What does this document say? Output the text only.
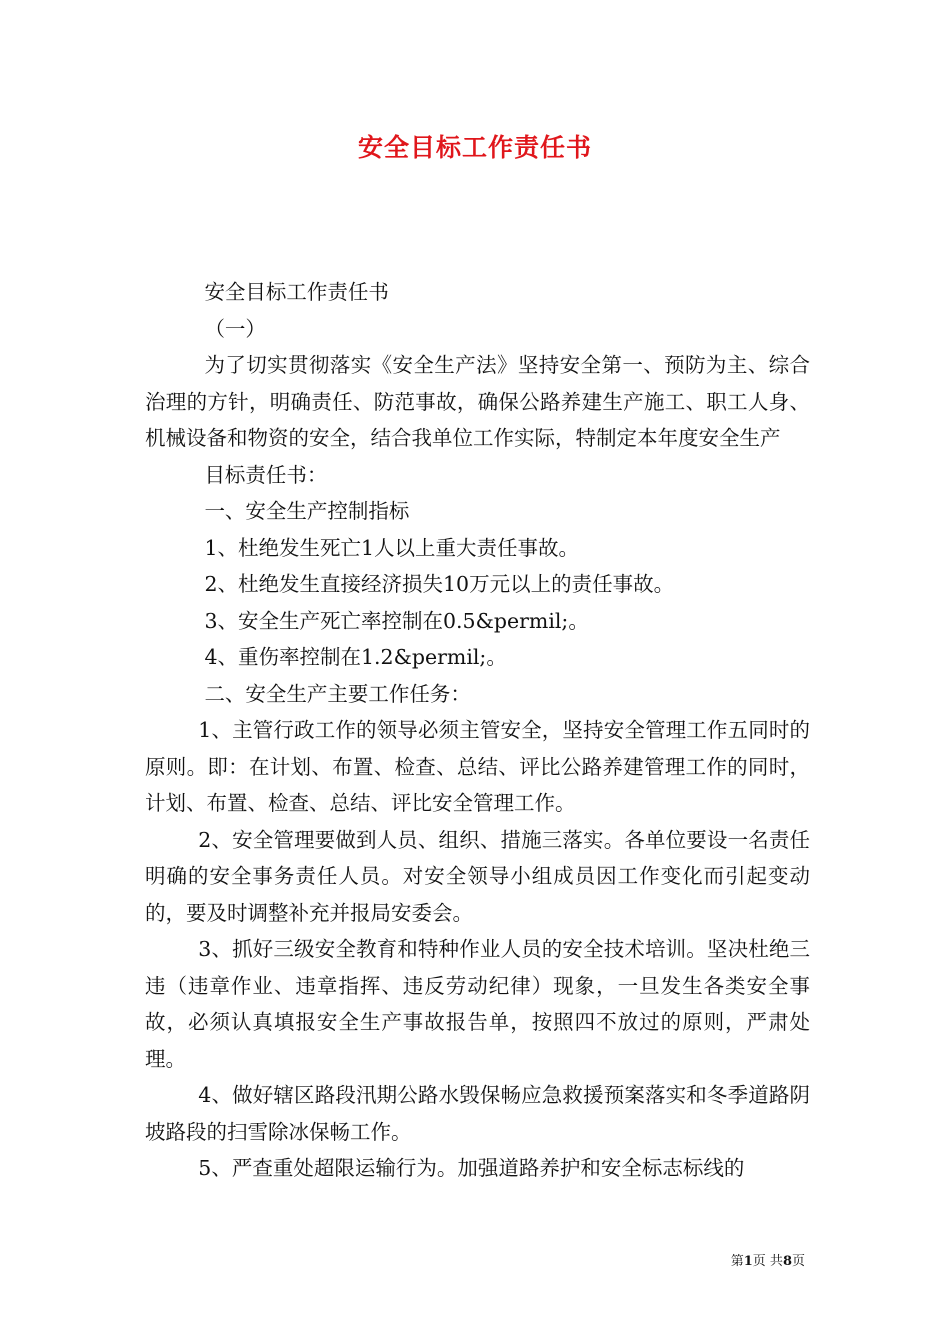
安全目标工作责任书

安全目标工作责任书

（一）

为了切实贯彻落实《安全生产法》坚持安全第一、预防为主、综合治理的方针，明确责任、防范事故，确保公路养建生产施工、职工人身、机械设备和物资的安全，结合我单位工作实际，特制定本年度安全生产

目标责任书：

一、安全生产控制指标

1、杜绝发生死亡1人以上重大责任事故。

2、杜绝发生直接经济损失10万元以上的责任事故。

3、安全生产死亡率控制在0.5&permil;。

4、重伤率控制在1.2&permil;。

二、安全生产主要工作任务：

1、主管行政工作的领导必须主管安全，坚持安全管理工作五同时的原则。即：在计划、布置、检查、总结、评比公路养建管理工作的同时，计划、布置、检查、总结、评比安全管理工作。

2、安全管理要做到人员、组织、措施三落实。各单位要设一名责任明确的安全事务责任人员。对安全领导小组成员因工作变化而引起变动的，要及时调整补充并报局安委会。

3、抓好三级安全教育和特种作业人员的安全技术培训。坚决杜绝三违（违章作业、违章指挥、违反劳动纪律）现象，一旦发生各类安全事故，必须认真填报安全生产事故报告单，按照四不放过的原则，严肃处理。

4、做好辖区路段汛期公路水毁保畅应急救援预案落实和冬季道路阴坡路段的扫雪除冰保畅工作。

5、严查重处超限运输行为。加强道路养护和安全标志标线的

第1页 共8页
